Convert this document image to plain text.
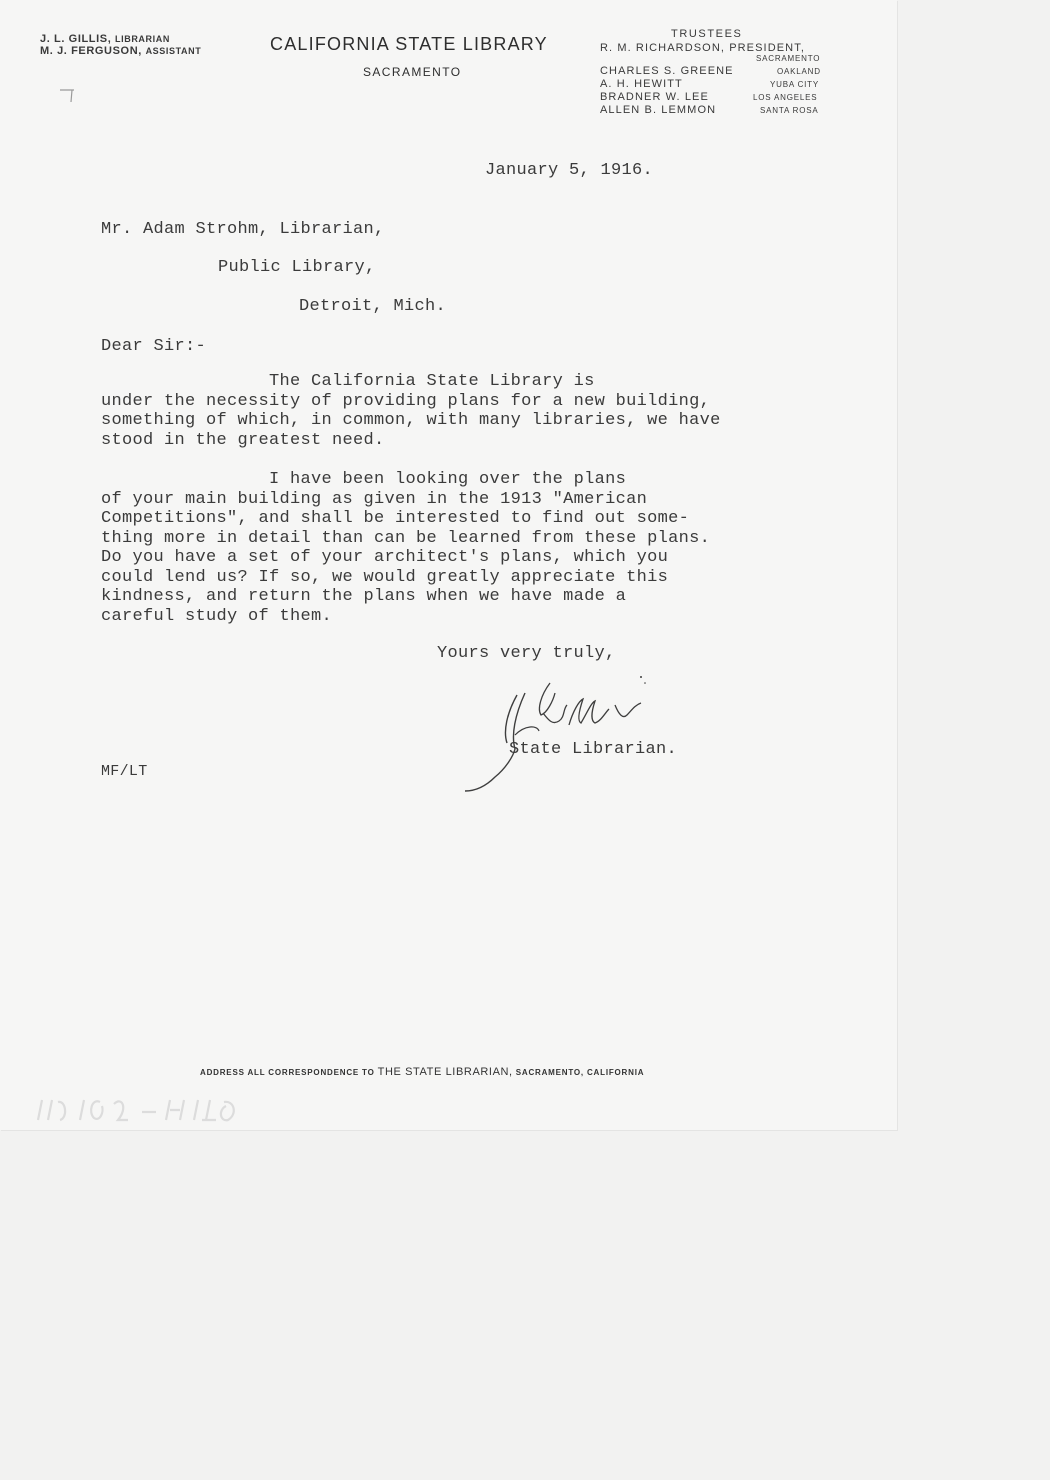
J. L. GILLIS, LIBRARIAN
M. J. FERGUSON, ASSISTANT	CALIFORNIA STATE LIBRARY
SACRAMENTO
TRUSTEES
R. M. RICHARDSON, PRESIDENT,
SACRAMENTO
CHARLES S. GREENE	OAKLAND
A. H. HEWITT	YUBA CITY
BRADNER W. LEE	LOS ANGELES
ALLEN B. LEMMON	SANTA ROSA
January 5, 1916.
Mr. Adam Strohm, Librarian,
Public Library,
Detroit, Mich.
Dear Sir:-
The California State Library is
under the necessity of providing plans for a new building,
something of which, in common, with many libraries, we have
stood in the greatest need.
I have been looking over the plans
of your main building as given in the 1913 "American
Competitions", and shall be interested to find out some-
thing more in detail than can be learned from these plans.
Do you have a set of your architect's plans, which you
could lend us? If so, we would greatly appreciate this
kindness, and return the plans when we have made a
careful study of them.
Yours very truly,
State Librarian.
MF/LT
ADDRESS ALL CORRESPONDENCE TO THE STATE LIBRARIAN, SACRAMENTO, CALIFORNIA
